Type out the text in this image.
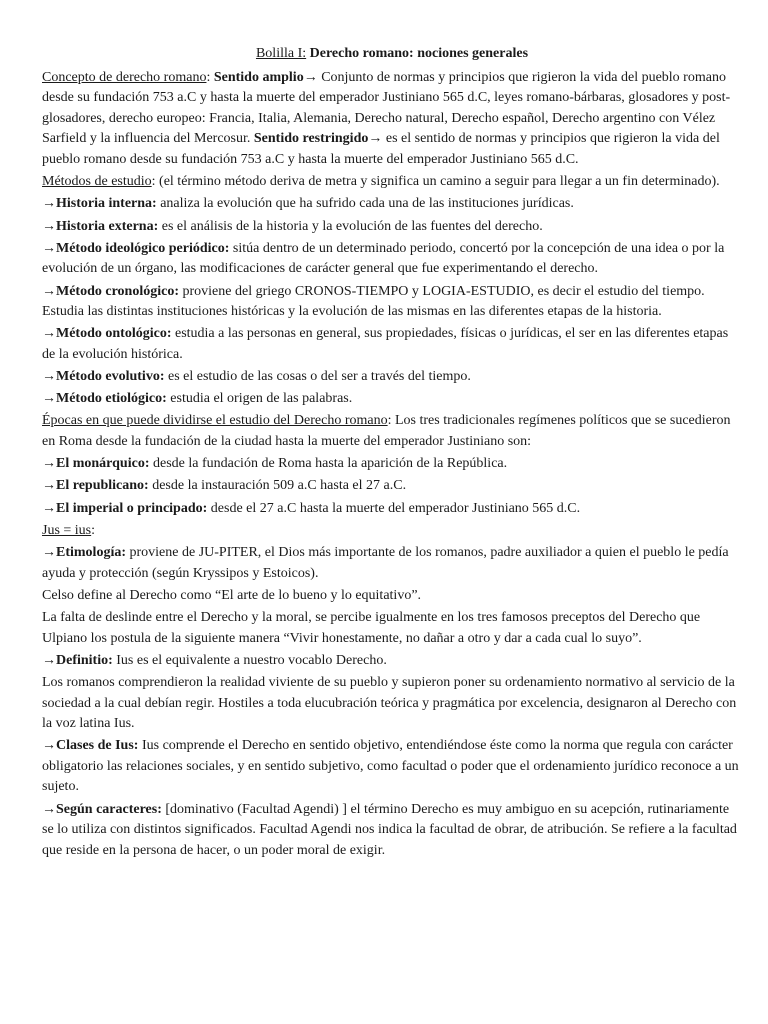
Bolilla I: Derecho romano: nociones generales
Concepto de derecho romano: Sentido amplio→ Conjunto de normas y principios que rigieron la vida del pueblo romano desde su fundación 753 a.C y hasta la muerte del emperador Justiniano 565 d.C, leyes romano-bárbaras, glosadores y post-glosadores, derecho europeo: Francia, Italia, Alemania, Derecho natural, Derecho español, Derecho argentino con Vélez Sarfield y la influencia del Mercosur. Sentido restringido→ es el sentido de normas y principios que rigieron la vida del pueblo romano desde su fundación 753 a.C y hasta la muerte del emperador Justiniano 565 d.C.
Métodos de estudio: (el término método deriva de metra y significa un camino a seguir para llegar a un fin determinado).
→Historia interna: analiza la evolución que ha sufrido cada una de las instituciones jurídicas.
→Historia externa: es el análisis de la historia y la evolución de las fuentes del derecho.
→Método ideológico periódico: sitúa dentro de un determinado periodo, concertó por la concepción de una idea o por la evolución de un órgano, las modificaciones de carácter general que fue experimentando el derecho.
→Método cronológico: proviene del griego CRONOS-TIEMPO y LOGIA-ESTUDIO, es decir el estudio del tiempo. Estudia las distintas instituciones históricas y la evolución de las mismas en las diferentes etapas de la historia.
→Método ontológico: estudia a las personas en general, sus propiedades, físicas o jurídicas, el ser en las diferentes etapas de la evolución histórica.
→Método evolutivo: es el estudio de las cosas o del ser a través del tiempo.
→Método etiológico: estudia el origen de las palabras.
Épocas en que puede dividirse el estudio del Derecho romano: Los tres tradicionales regímenes políticos que se sucedieron en Roma desde la fundación de la ciudad hasta la muerte del emperador Justiniano son:
→El monárquico: desde la fundación de Roma hasta la aparición de la República.
→El republicano: desde la instauración 509 a.C hasta el 27 a.C.
→El imperial o principado: desde el 27 a.C hasta la muerte del emperador Justiniano 565 d.C.
Jus = ius:
→Etimología: proviene de JU-PITER, el Dios más importante de los romanos, padre auxiliador a quien el pueblo le pedía ayuda y protección (según Kryssipos y Estoicos).
Celso define al Derecho como “El arte de lo bueno y lo equitativo”.
La falta de deslinde entre el Derecho y la moral, se percibe igualmente en los tres famosos preceptos del Derecho que Ulpiano los postula de la siguiente manera “Vivir honestamente, no dañar a otro y dar a cada cual lo suyo”.
→Definitio: Ius es el equivalente a nuestro vocablo Derecho.
Los romanos comprendieron la realidad viviente de su pueblo y supieron poner su ordenamiento normativo al servicio de la sociedad a la cual debían regir. Hostiles a toda elucubración teórica y pragmática por excelencia, designaron al Derecho con la voz latina Ius.
→Clases de Ius: Ius comprende el Derecho en sentido objetivo, entendiéndose éste como la norma que regula con carácter obligatorio las relaciones sociales, y en sentido subjetivo, como facultad o poder que el ordenamiento jurídico reconoce a un sujeto.
→Según caracteres: [dominativo (Facultad Agendi) ] el término Derecho es muy ambiguo en su acepción, rutinariamente se lo utiliza con distintos significados. Facultad Agendi nos indica la facultad de obrar, de atribución. Se refiere a la facultad que reside en la persona de hacer, o un poder moral de exigir.
